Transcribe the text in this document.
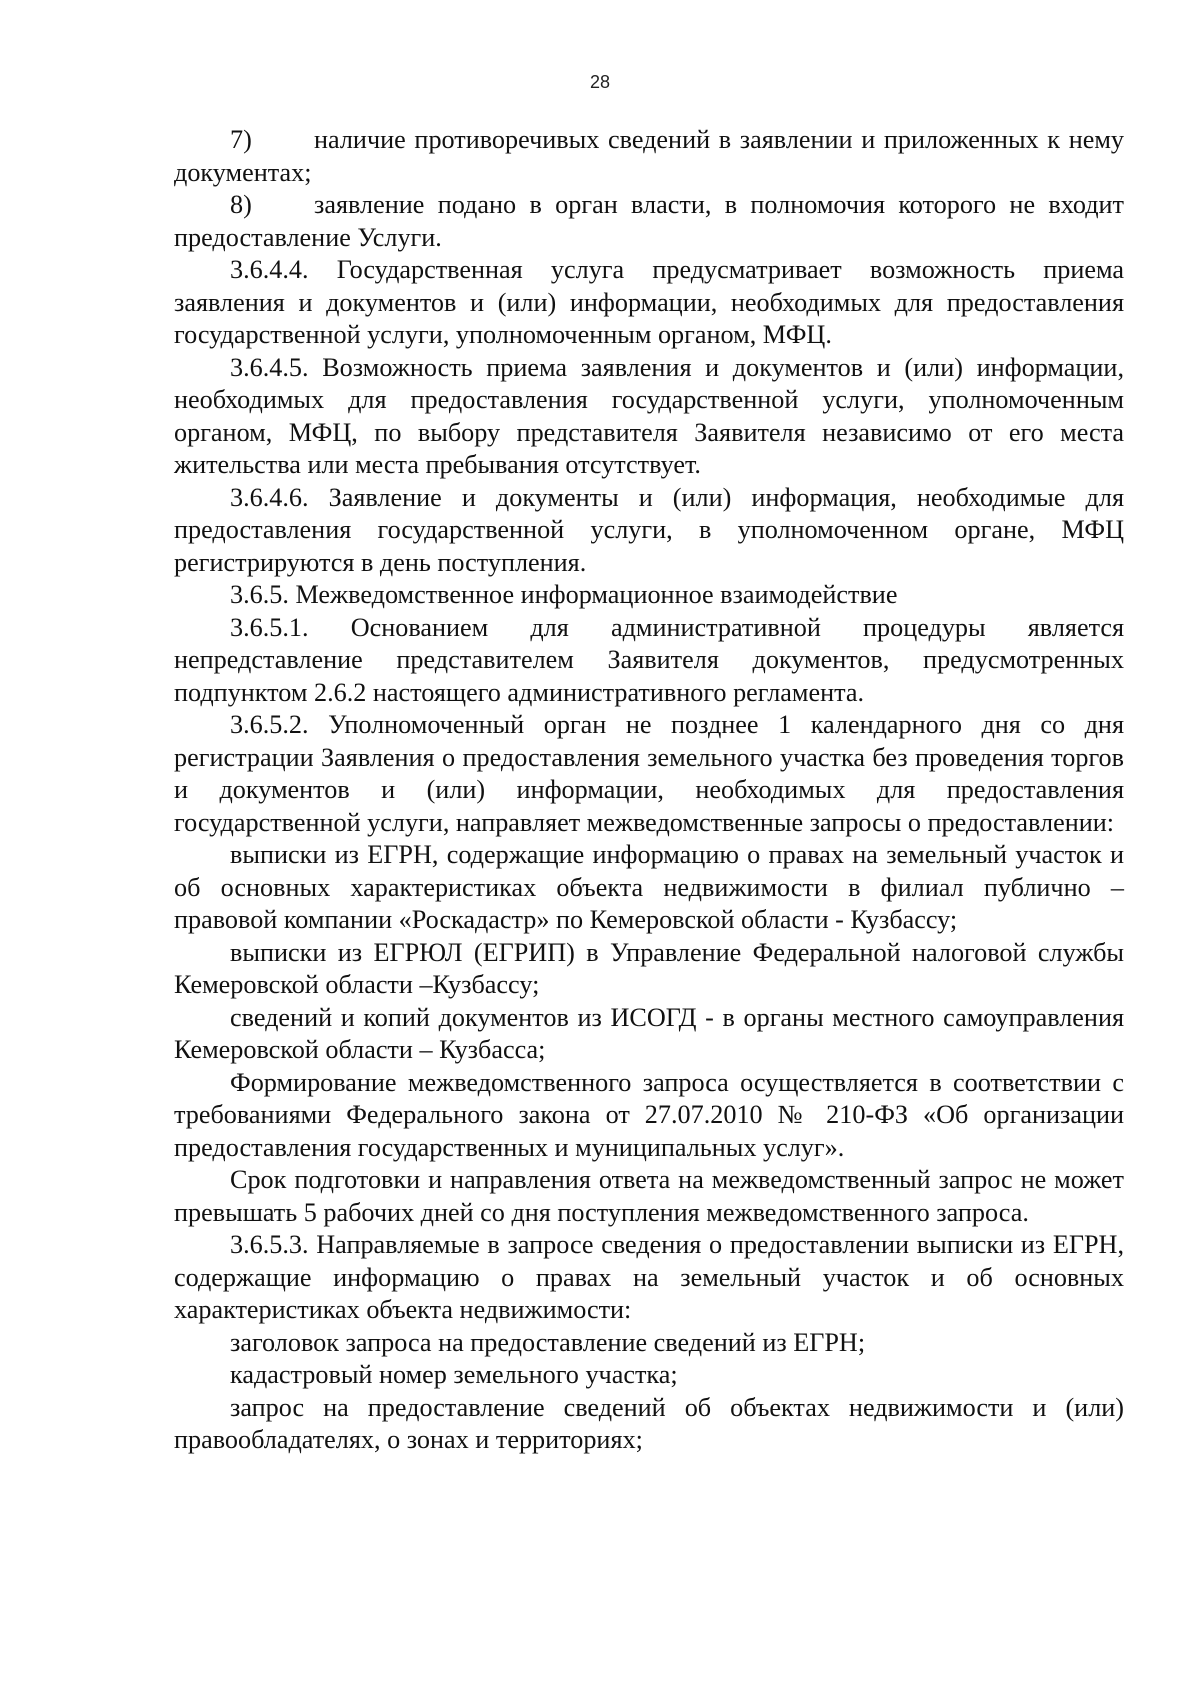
28

7) наличие противоречивых сведений в заявлении и приложенных к нему документах;

8) заявление подано в орган власти, в полномочия которого не входит предоставление Услуги.

3.6.4.4. Государственная услуга предусматривает возможность приема заявления и документов и (или) информации, необходимых для предоставления государственной услуги, уполномоченным органом, МФЦ.

3.6.4.5. Возможность приема заявления и документов и (или) информации, необходимых для предоставления государственной услуги, уполномоченным органом, МФЦ, по выбору представителя Заявителя независимо от его места жительства или места пребывания отсутствует.

3.6.4.6. Заявление и документы и (или) информация, необходимые для предоставления государственной услуги, в уполномоченном органе, МФЦ регистрируются в день поступления.

3.6.5. Межведомственное информационное взаимодействие

3.6.5.1. Основанием для административной процедуры является непредставление представителем Заявителя документов, предусмотренных подпунктом 2.6.2 настоящего административного регламента.

3.6.5.2. Уполномоченный орган не позднее 1 календарного дня со дня регистрации Заявления о предоставления земельного участка без проведения торгов и документов и (или) информации, необходимых для предоставления государственной услуги, направляет межведомственные запросы о предоставлении:

выписки из ЕГРН, содержащие информацию о правах на земельный участок и об основных характеристиках объекта недвижимости в филиал публично – правовой компании «Роскадастр» по Кемеровской области - Кузбассу;

выписки из ЕГРЮЛ (ЕГРИП) в Управление Федеральной налоговой службы Кемеровской области –Кузбассу;

сведений и копий документов из ИСОГД - в органы местного самоуправления Кемеровской области – Кузбасса;

Формирование межведомственного запроса осуществляется в соответствии с требованиями Федерального закона от 27.07.2010 № 210-ФЗ «Об организации предоставления государственных и муниципальных услуг».

Срок подготовки и направления ответа на межведомственный запрос не может превышать 5 рабочих дней со дня поступления межведомственного запроса.

3.6.5.3. Направляемые в запросе сведения о предоставлении выписки из ЕГРН, содержащие информацию о правах на земельный участок и об основных характеристиках объекта недвижимости:

заголовок запроса на предоставление сведений из ЕГРН;

кадастровый номер земельного участка;

запрос на предоставление сведений об объектах недвижимости и (или) правообладателях, о зонах и территориях;
